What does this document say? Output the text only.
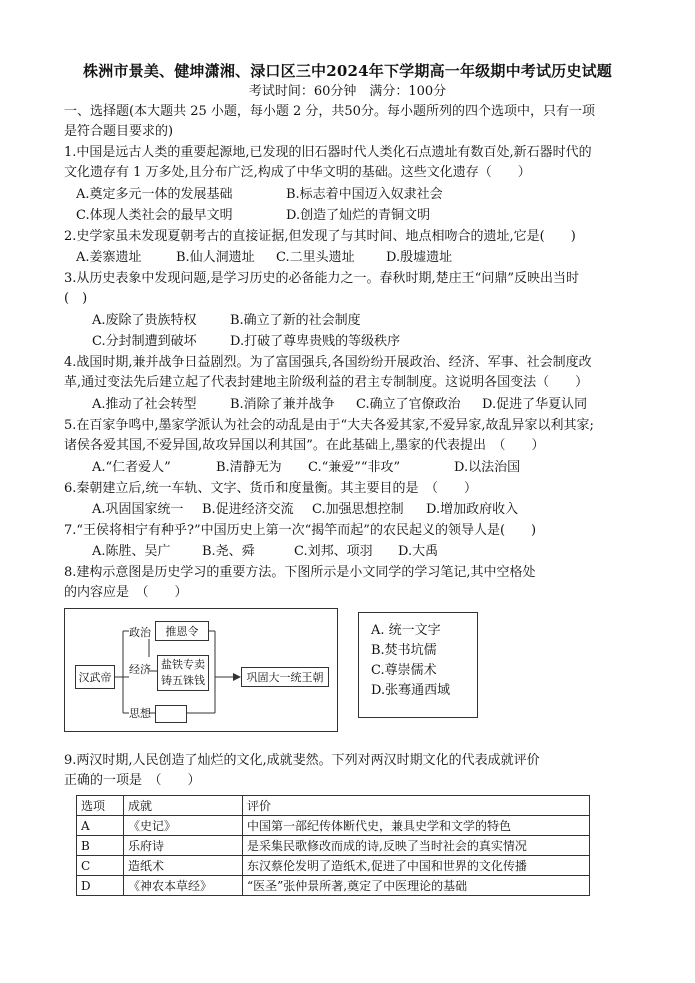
株洲市景美、健坤潇湘、渌口区三中2024年下学期高一年级期中考试历史试题
考试时间：60分钟　满分：100分
一、选择题(本大题共 25 小题，每小题 2 分，共50分。每小题所列的四个选项中，只有一项
是符合题目要求的)
1.中国是远古人类的重要起源地,已发现的旧石器时代人类化石点遗址有数百处,新石器时代的
文化遗存有 1 万多处,且分布广泛,构成了中华文明的基础。这些文化遗存（　　）
A.奠定多元一体的发展基础	B.标志着中国迈入奴隶社会
C.体现人类社会的最早文明	D.创造了灿烂的青铜文明
2.史学家虽未发现夏朝考古的直接证据,但发现了与其时间、地点相吻合的遗址,它是(　　)
A.姜寨遗址	B.仙人洞遗址 C.二里头遗址 D.殷墟遗址
3.从历史表象中发现问题,是学习历史的必备能力之一。春秋时期,楚庄王“问鼎”反映出当时
(　)
A.废除了贵族特权	B.确立了新的社会制度
C.分封制遭到破坏	D.打破了尊卑贵贱的等级秩序
4.战国时期,兼并战争日益剧烈。为了富国强兵,各国纷纷开展政治、经济、军事、社会制度改
革,通过变法先后建立起了代表封建地主阶级利益的君主专制制度。这说明各国变法（　　）
A.推动了社会转型	B.消除了兼并战争 C.确立了官僚政治 D.促进了华夏认同
5.在百家争鸣中,墨家学派认为社会的动乱是由于“大夫各爱其家,不爱异家,故乱异家以利其家;
诸侯各爱其国,不爱异国,故攻异国以利其国”。在此基础上,墨家的代表提出　（　　）
A.“仁者爱人”	B.清静无为 C.“兼爱”“非攻”	D.以法治国
6.秦朝建立后,统一车轨、文字、货币和度量衡。其主要目的是　（　　）
A.巩固国家统一 B.促进经济交流 C.加强思想控制 D.增加政府收入
7.“王侯将相宁有种乎?”中国历史上第一次“揭竿而起”的农民起义的领导人是(　　)
A.陈胜、吴广 B.尧、舜	C.刘邦、项羽 D.大禹
8.建构示意图是历史学习的重要方法。下图所示是小文同学的学习笔记,其中空格处
的内容应是　（　　）
汉武帝
政治	推恩令
经济 盐铁专卖
铸五铢钱
思想
巩固大一统王朝
A. 统一文字
B.焚书坑儒
C.尊崇儒术
D.张骞通西域
9.两汉时期,人民创造了灿烂的文化,成就斐然。下列对两汉时期文化的代表成就评价
正确的一项是　（　　）
选项	成就	评价
A	《史记》	中国第一部纪传体断代史，兼具史学和文学的特色
B	乐府诗	是采集民歌修改而成的诗,反映了当时社会的真实情况
C	造纸术	东汉蔡伦发明了造纸术,促进了中国和世界的文化传播
D	《神农本草经》	“医圣”张仲景所著,奠定了中医理论的基础
